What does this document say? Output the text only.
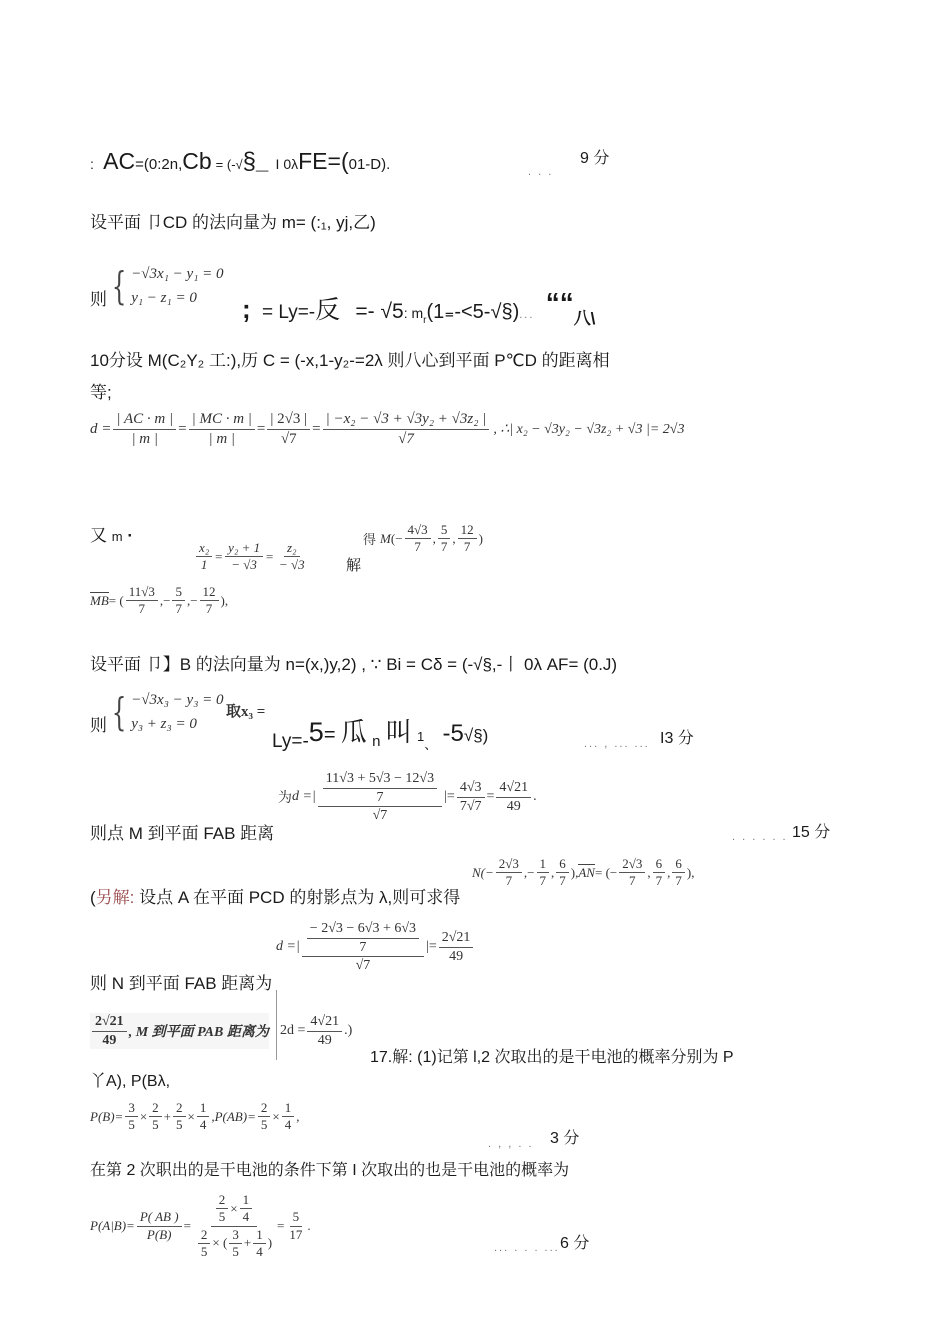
: AC=(0:2n,Cb = (-√§_ I 0λFE=(01-D).	. . .
9 分
设平面 卩CD 的法向量为 m= (:₁, yj,乙)
则 { −√3x₁ − y₁ = 0
y₁ − z₁ = 0	; = Ly=-反 =- √5: $m_r(1_=-<5-√\S)$... ““八\
10分设 M(C₂Y₂ 工:),历 C = (-x,1-y₂-=2λ 则八心到平面 P℃D 的距离相
等;
$d = \frac{| AC \cdot m |}{| m |} = \frac{| MC \cdot m |}{| m |} = \frac{| 2√3 |}{√7} = \frac{\text{| −x₂ − √3 + √3y₂ + √3z₂ |}}{√7}$ , ∴| x₂ − √3y₂ − √3z₂ + √3 |= 2√3
又 m ·
$\frac{\text{x₂}}{1} = \frac{\text{y₂ + 1}}{- √3} = \frac{\text{z₂}}{- √3}$	解
得 M (− $\frac{4√3}{7}$ , $\frac{5}{7}$ , $\frac{12}{7}$ )
MB = ( $\frac{11√3}{7}$ ,− $\frac{5}{7}$ ,− $\frac{12}{7}$ ),
设平面 卩】B 的法向量为 n=(x,)y,2) , ∵ Bi = Cδ = (-√§,-丨 0λ AF= (0.J)
则 { −√3x₃ − y₃ = 0
y₃ + z₃ = 0
取x₃ =
Ly=-5= 瓜 $_n$ 叫 $1_、$ -5√§)	... , ... ... I3 分
则点 M 到平面 FAB 距离
为 d =| $\frac{\frac{11√3 + 5√3 - 12√3}{7}}{√7}$ |= $\frac{4√3}{7√7} = \frac{4√21}{49}$ .
. . . . . . 15 分
(另解: 设点 A 在平面 PCD 的射影点为 λ,则可求得
$N(- \frac{2√3}{7}$ ,− $\frac{1}{7}$ , $\frac{6}{7}$ ), AN = (− $\frac{2√3}{7}$ , $\frac{6}{7}$ , $\frac{6}{7}$ ),
则 N 到平面 FAB 距离为
d =| $\frac{\frac{- 2√3 - 6√3 + 6√3}{7}}{√7}$ |= $\frac{2√21}{49}$
$\frac{2√21}{49}$ , M 到平面 PAB 距离为 $2d = \frac{4√21}{49}$ .)
17.解: (1)记第 l,2 次取出的是干电池的概率分别为 P
丫A), P(Bλ,
$P(B)= \frac{3}{5} \times \frac{2}{5} + \frac{2}{5} \times \frac{1}{4} ,P(AB)= \frac{2}{5} \times \frac{1}{4}$ ,
. , , . . 3 分
在第 2 次职出的是干电池的条件下第 I 次取出的也是干电池的概率为
$P(A|B)= \frac{P( AB )}{P(B)} = \frac{\frac{2}{5} \times \frac{1}{4}}{\frac{2}{5} \times ( \frac{3}{5} + \frac{1}{4} )} = \frac{5}{17}$ .
... . . . ... 6 分
